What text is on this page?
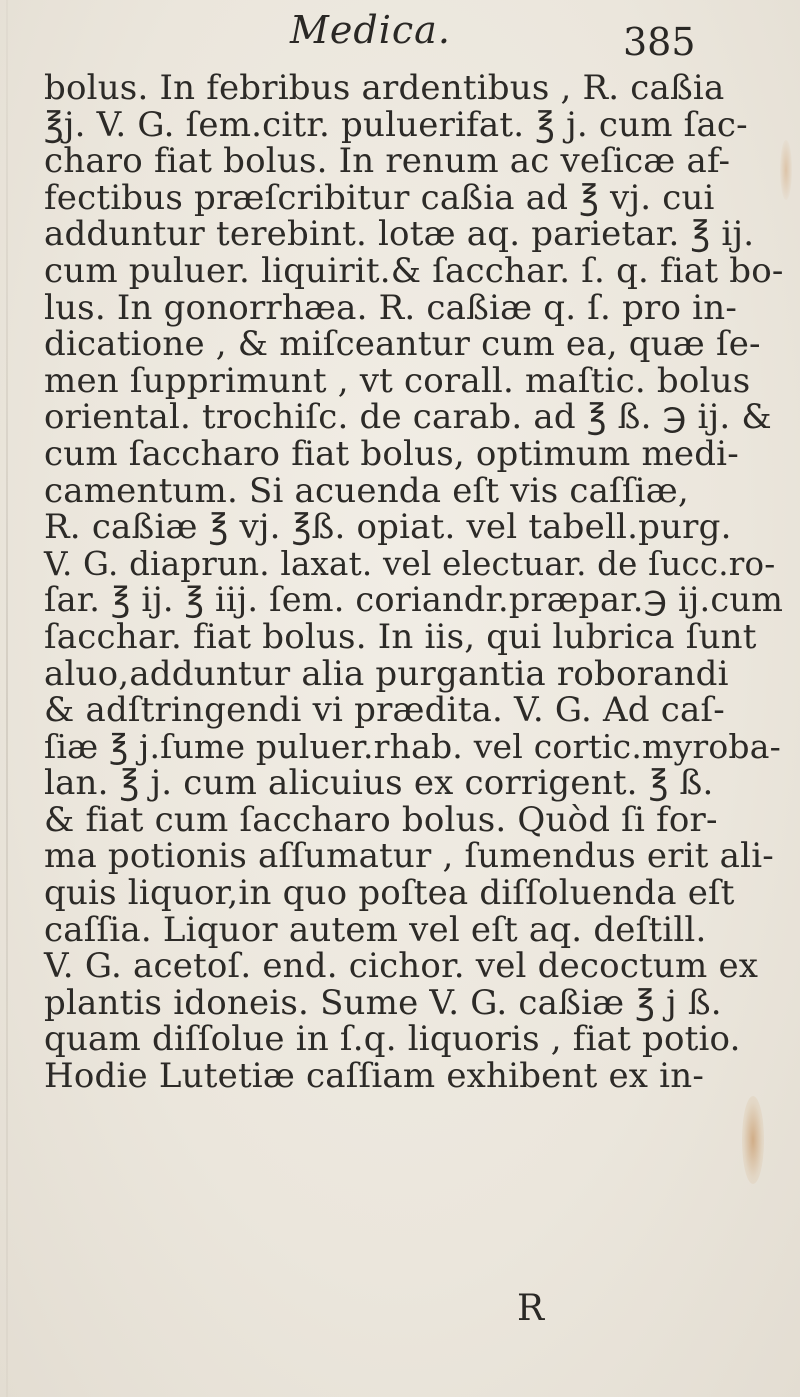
Medica.	385
bolus. In febribus ardentibus , R. caßia
℥j. V. G. ſem.citr. puluerifat. ℥ j. cum ſac-
charo fiat bolus. In renum ac veſicæ af-
fectibus præſcribitur caßia ad ℥ vj. cui
adduntur terebint. lotæ aq. parietar. ℥ ij.
cum puluer. liquirit.& ſacchar. ſ. q. fiat bo-
lus. In gonorrhæa. R. caßiæ q. ſ. pro in-
dicatione , & miſceantur cum ea, quæ ſe-
men ſupprimunt , vt corall. maſtic. bolus
oriental. trochiſc. de carab. ad ℥ ß. ℈ ij. &
cum ſaccharo fiat bolus, optimum medi-
camentum. Si acuenda eſt vis caſſiæ,
R. caßiæ ℥ vj. ℥ß. opiat. vel tabell.purg.
V. G. diaprun. laxat. vel electuar. de ſucc.ro-
ſar. ℥ ij. ℥ iij. ſem. coriandr.præpar.℈ ij.cum
ſacchar. fiat bolus. In iis, qui lubrica ſunt
aluo,adduntur alia purgantia roborandi
& adſtringendi vi prædita. V. G. Ad caſ-
ſiæ ℥ j.ſume puluer.rhab. vel cortic.myroba-
lan. ℥ j. cum alicuius ex corrigent. ℥ ß.
& fiat cum ſaccharo bolus. Quòd ſi for-
ma potionis aſſumatur , ſumendus erit ali-
quis liquor,in quo poſtea diſſoluenda eſt
caſſia. Liquor autem vel eſt aq. deſtill.
V. G. acetoſ. end. cichor. vel decoctum ex
plantis idoneis. Sume V. G. caßiæ ℥ j ß.
quam diſſolue in ſ.q. liquoris , fiat potio.
Hodie Lutetiæ caſſiam exhibent ex in-
R
